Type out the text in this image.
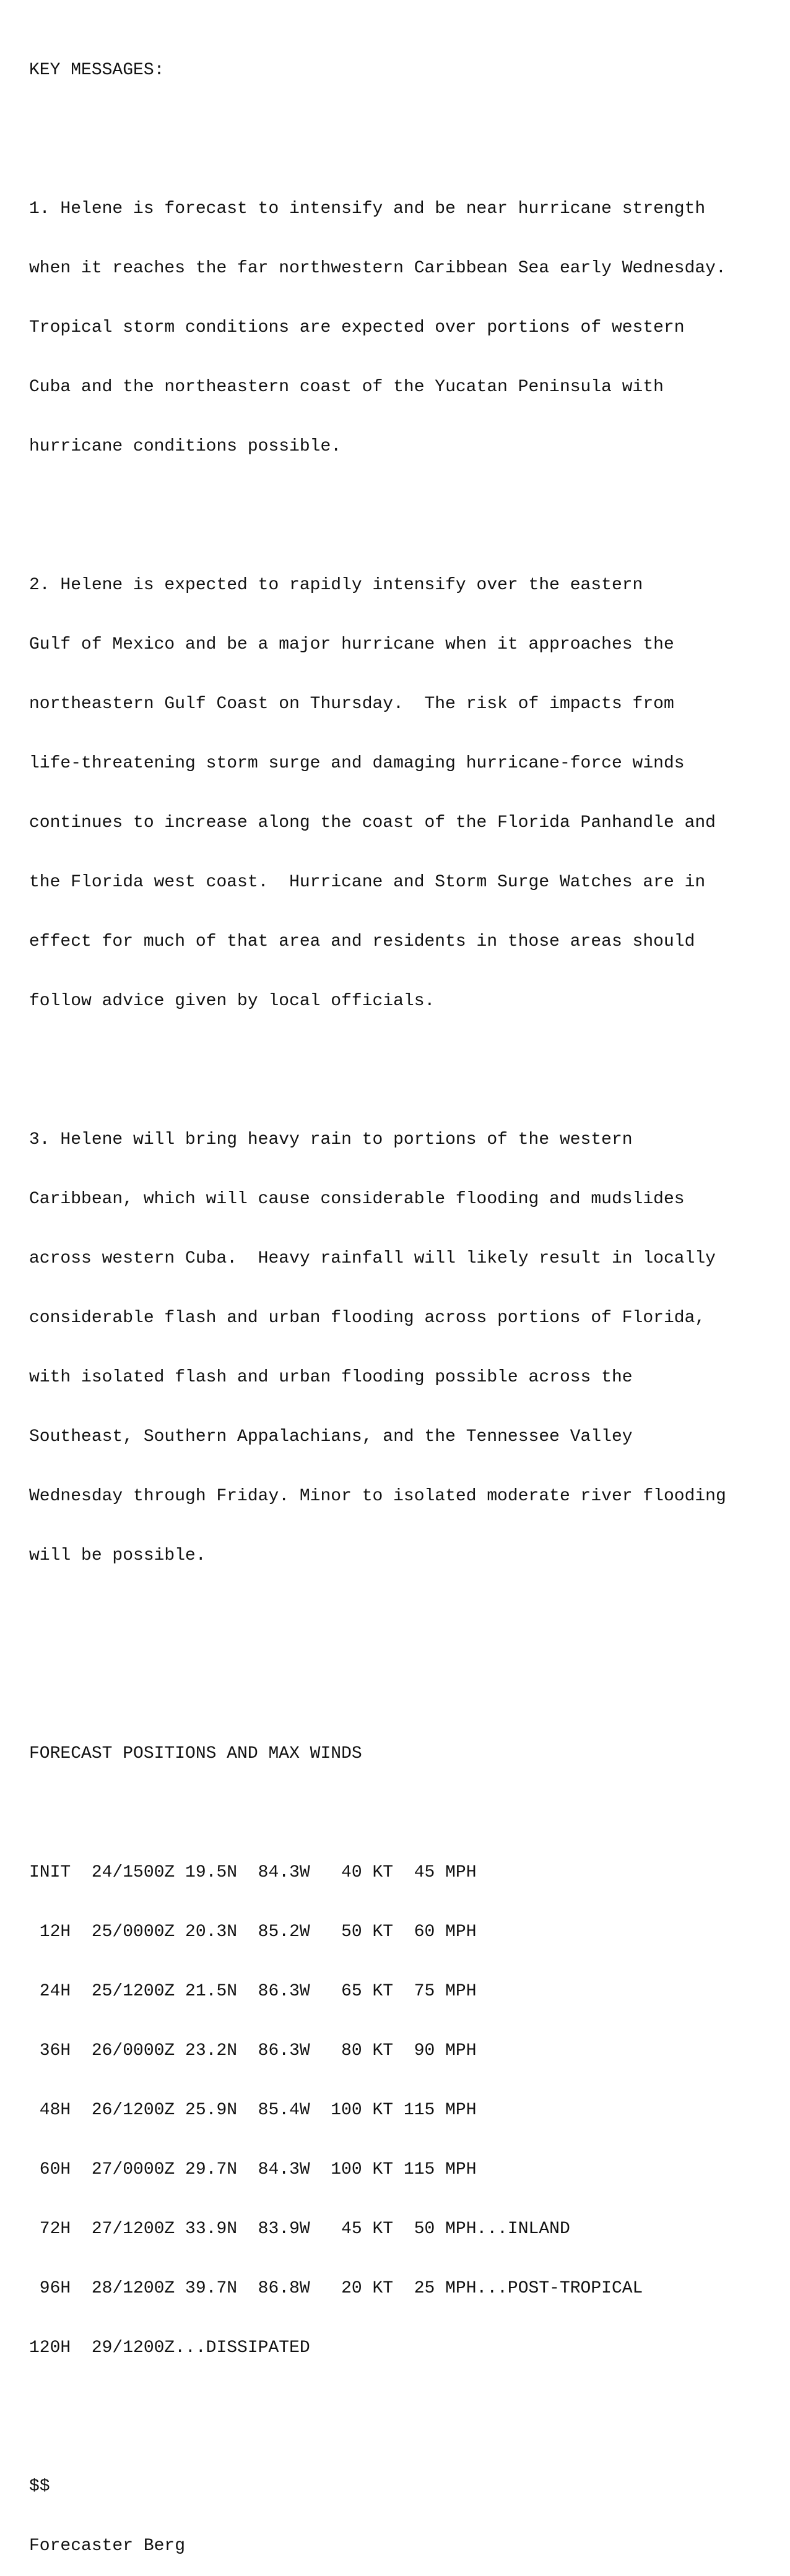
KEY MESSAGES:

1. Helene is forecast to intensify and be near hurricane strength

when it reaches the far northwestern Caribbean Sea early Wednesday.

Tropical storm conditions are expected over portions of western

Cuba and the northeastern coast of the Yucatan Peninsula with

hurricane conditions possible.

2. Helene is expected to rapidly intensify over the eastern

Gulf of Mexico and be a major hurricane when it approaches the

northeastern Gulf Coast on Thursday.  The risk of impacts from

life-threatening storm surge and damaging hurricane-force winds

continues to increase along the coast of the Florida Panhandle and

the Florida west coast.  Hurricane and Storm Surge Watches are in

effect for much of that area and residents in those areas should

follow advice given by local officials.

3. Helene will bring heavy rain to portions of the western

Caribbean, which will cause considerable flooding and mudslides

across western Cuba.  Heavy rainfall will likely result in locally

considerable flash and urban flooding across portions of Florida,

with isolated flash and urban flooding possible across the

Southeast, Southern Appalachians, and the Tennessee Valley

Wednesday through Friday. Minor to isolated moderate river flooding

will be possible.

FORECAST POSITIONS AND MAX WINDS

INIT  24/1500Z 19.5N  84.3W   40 KT  45 MPH

12H  25/0000Z 20.3N  85.2W   50 KT  60 MPH

24H  25/1200Z 21.5N  86.3W   65 KT  75 MPH

36H  26/0000Z 23.2N  86.3W   80 KT  90 MPH

48H  26/1200Z 25.9N  85.4W  100 KT 115 MPH

60H  27/0000Z 29.7N  84.3W  100 KT 115 MPH

72H  27/1200Z 33.9N  83.9W   45 KT  50 MPH...INLAND

96H  28/1200Z 39.7N  86.8W   20 KT  25 MPH...POST-TROPICAL

120H  29/1200Z...DISSIPATED

$$

Forecaster Berg
